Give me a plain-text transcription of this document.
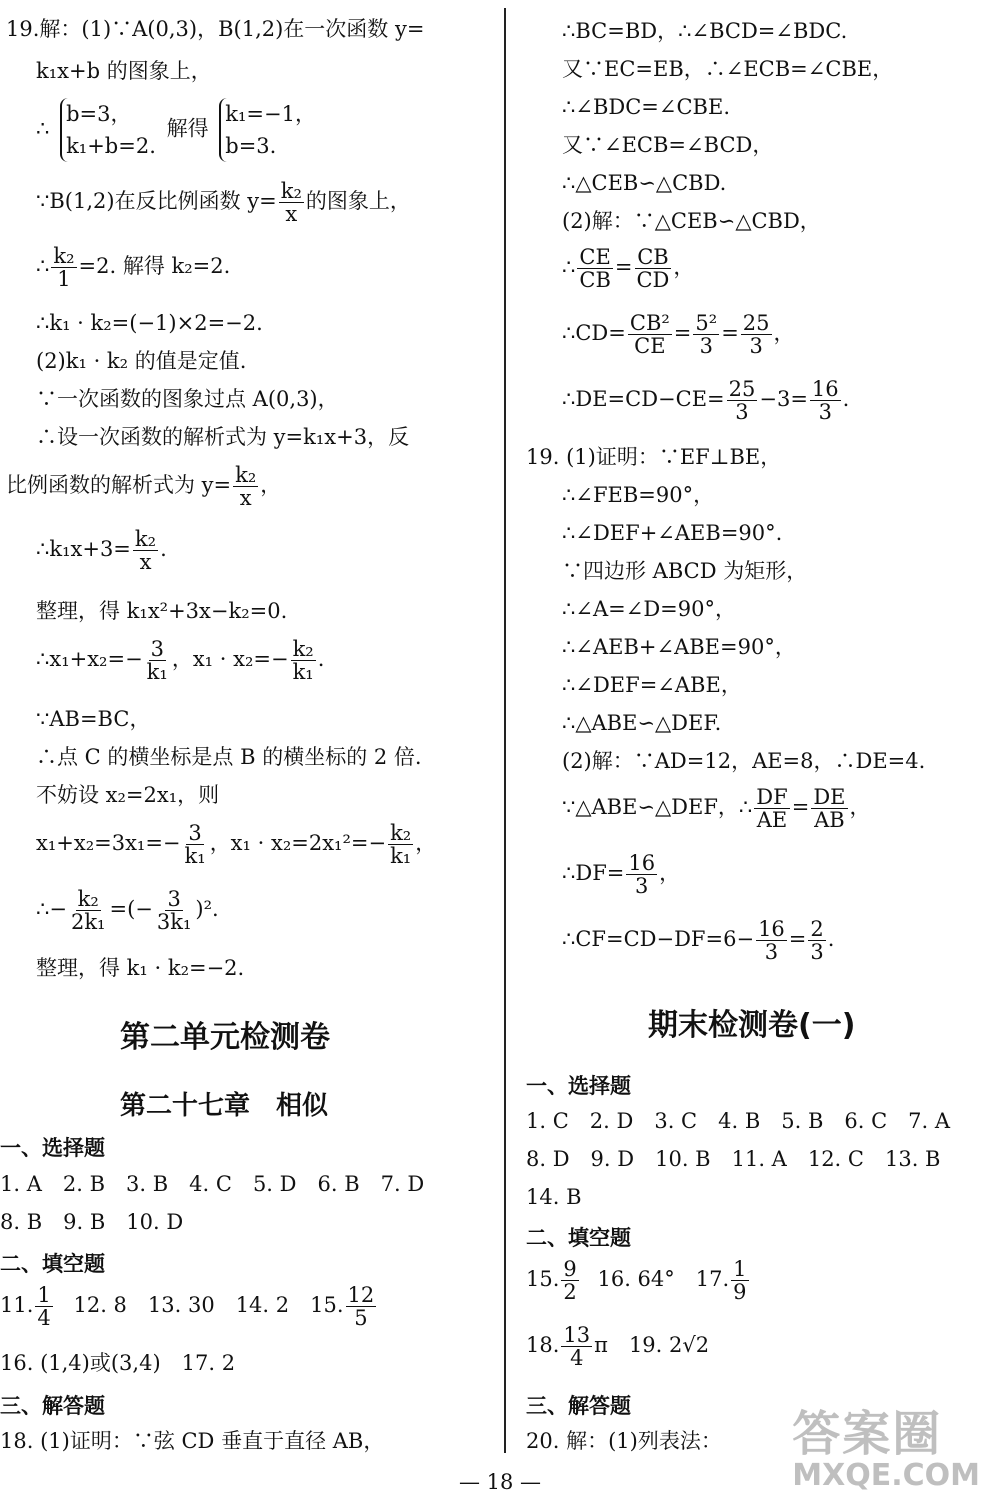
19.解：(1)∵A(0,3)，B(1,2)在一次函数 y=
k₁x+b 的图象上，
∴
b=3，
k₁+b=2.
解得
k₁=−1，
b=3.
∵B(1,2)在反比例函数 $y= \frac{\text{k₂}}{x}$ 的图象上，
∴ $\frac{\text{k₂}}{1} =2$. 解得 k₂=2.
∴k₁ · k₂=(−1)×2=−2.
(2)k₁ · k₂ 的值是定值.
∵一次函数的图象过点 A(0,3)，
∴设一次函数的解析式为 y=k₁x+3，反
比例函数的解析式为 $y= \frac{\text{k₂}}{x}$ ，
∴k₁x+3= $\frac{\text{k₂}}{x}$ .
整理，得 k₁x²+3x−k₂=0.
∴x₁+x₂=− $\frac{3}{\text{k₁}}$ ，$x_1 \cdot x_2=- \frac{\text{k₂}}{\text{k₁}}$ .
∵AB=BC，
∴点 C 的横坐标是点 B 的横坐标的 2 倍.
不妨设 x₂=2x₁，则
$x_1+x_2=3x_1=- \frac{3}{\text{k₁}}$ ，$x_1 \cdot x_2=2x_1^2=- \frac{\text{k₂}}{\text{k₁}}$ ，
∴− $\frac{\text{k₂}}{\text{2k₁}}$ =(− $\frac{3}{\text{3k₁}} )^2$.
整理，得 k₁ · k₂=−2.
第二单元检测卷
第二十七章　相似
一、选择题
1. A　2. B　3. B　4. C　5. D　6. B　7. D
8. B　9. B　10. D
二、填空题
11. $\frac{1}{4} 12$. 8　13. 30　14. 2　15. $\frac{12}{5}$
16. (1,4)或(3,4)　17. 2
三、解答题
18. (1)证明：∵弦 CD 垂直于直径 AB，
∴BC=BD，∴∠BCD=∠BDC.
又∵EC=EB，∴∠ECB=∠CBE，
∴∠BDC=∠CBE.
又∵∠ECB=∠BCD，
∴△CEB∽△CBD.
(2)解：∵△CEB∽△CBD，
∴ $\frac{CE}{CB} = \frac{CB}{CD}$ ，
∴CD= $\frac{\text{CB²}}{CE} = \frac{\text{5²}}{3} = \frac{25}{3}$ ，
∴DE=CD−CE= $\frac{25}{3} -3= \frac{16}{3}$ .
19. (1)证明：∵EF⊥BE，
∴∠FEB=90°，
∴∠DEF+∠AEB=90°.
∵四边形 ABCD 为矩形，
∴∠A=∠D=90°，
∴∠AEB+∠ABE=90°，
∴∠DEF=∠ABE，
∴△ABE∽△DEF.
(2)解：∵AD=12，AE=8，∴DE=4.
∵△ABE∽△DEF，∴ $\frac{DF}{AE} = \frac{DE}{AB}$ ，
∴DF= $\frac{16}{3}$ ，
∴CF=CD−DF=6− $\frac{16}{3} = \frac{2}{3}$ .
期末检测卷(一)
一、选择题
1. C　2. D　3. C　4. B　5. B　6. C　7. A
8. D　9. D　10. B　11. A　12. C　13. B
14. B
二、填空题
15. $\frac{9}{2} 16$. 64°　17. $\frac{1}{9}$
18. $\frac{13}{4}$ π　19. 2√2
三、解答题
20. 解：(1)列表法： 答案圈
MXQE.COM
— 18 —
